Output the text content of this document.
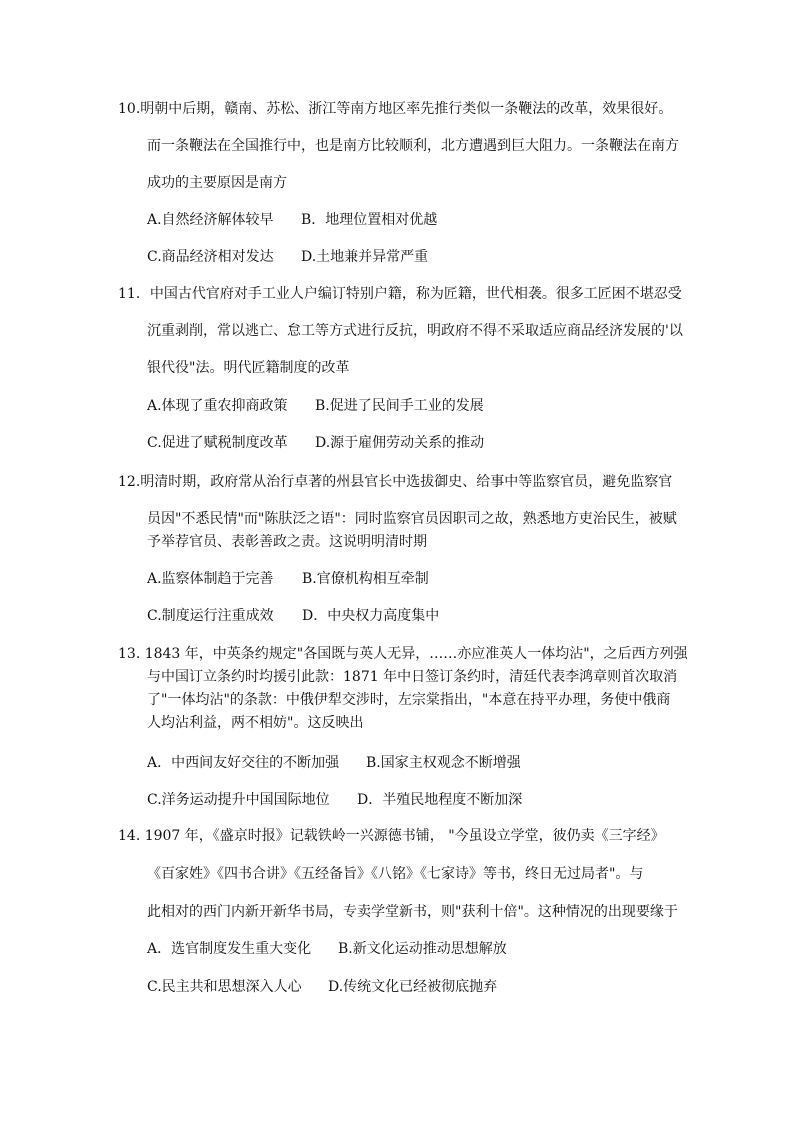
10.明朝中后期，赣南、苏松、浙江等南方地区率先推行类似一条鞭法的改革，效果很好。
而一条鞭法在全国推行中，也是南方比较顺利，北方遭遇到巨大阻力。一条鞭法在南方
成功的主要原因是南方
A.自然经济解体较早 B．地理位置相对优越
C.商品经济相对发达 D.土地兼并异常严重
11．中国古代官府对手工业人户编订特别户籍，称为匠籍，世代相袭。很多工匠困不堪忍受
沉重剥削，常以逃亡、怠工等方式进行反抗，明政府不得不采取适应商品经济发展的'以
银代役"法。明代匠籍制度的改革
A.体现了重农抑商政策 B.促进了民间手工业的发展
C.促进了赋税制度改革 D.源于雇佣劳动关系的推动
12.明清时期，政府常从治行卓著的州县官长中选拔御史、给事中等监察官员，避免监察官
员因"不悉民情"而"陈肤泛之语"：同时监察官员因职司之故，熟悉地方吏治民生，被赋
予举荐官员、表彰善政之责。这说明明清时期
A.监察体制趋于完善 B.官僚机构相互牵制
C.制度运行注重成效 D．中央权力高度集中
13. 1843 年，中英条约规定"各国既与英人无异，……亦应准英人一体均沾"，之后西方列强
与中国订立条约时均援引此款：1871 年中日签订条约时，清廷代表李鸿章则首次取消
了"一体均沾"的条款：中俄伊犁交涉时，左宗棠指出，"本意在持平办理，务使中俄商
人均沾利益，两不相妨"。这反映出
A．中西间友好交往的不断加强 B.国家主权观念不断增强
C.洋务运动提升中国国际地位 D．半殖民地程度不断加深
14. 1907 年，《盛京时报》记载铁岭一兴源德书铺， "今虽设立学堂，彼仍卖《三字经》
《百家姓》《四书合讲》《五经备旨》《八铭》《七家诗》等书，终日无过局者"。与
此相对的西门内新开新华书局，专卖学堂新书，则"获利十倍"。这种情况的出现要缘于
A．选官制度发生重大变化 B.新文化运动推动思想解放
C.民主共和思想深入人心 D.传统文化已经被彻底抛弃
